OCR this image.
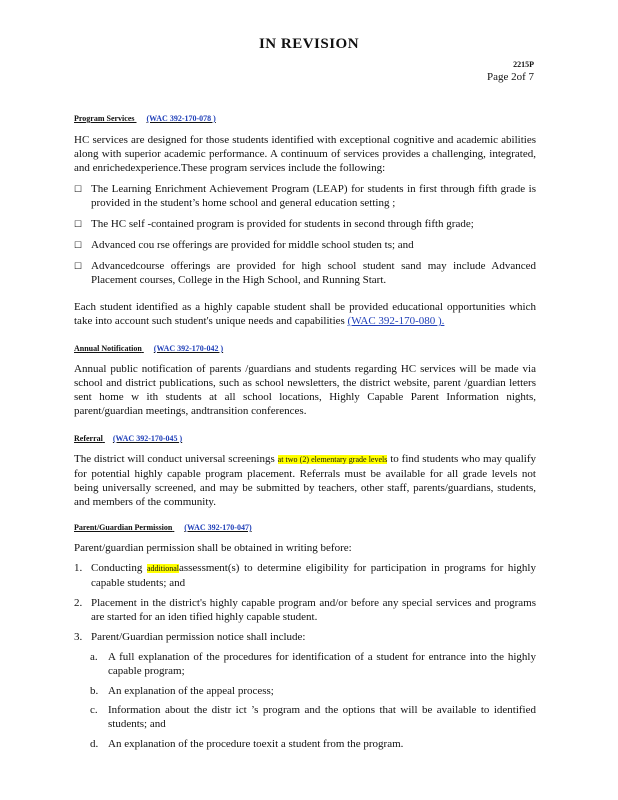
IN REVISION
2215P
Page 2of 7
Program Services (WAC 392-170-078 )
HC services are designed for those students identified with exceptional cognitive and academic abilities along with superior academic performance. A continuum of services provides a challenging, integrated, and enrichedexperience.These program services include the following:
☐ The Learning Enrichment Achievement Program (LEAP) for students in first through fifth grade is provided in the student’s home school and general education setting ;
☐ The HC self -contained program is provided for students in second through fifth grade;
☐ Advanced cou rse offerings are provided for middle school studen ts; and
☐ Advancedcourse offerings are provided for high school student sand may include Advanced Placement courses, College in the High School, and Running Start.
Each student identified as a highly capable student shall be provided educational opportunities which take into account such student's unique needs and capabilities (WAC 392-170-080 ).
Annual Notification (WAC 392-170-042 )
Annual public notification of parents /guardians and students regarding HC services will be made via school and district publications, such as school newsletters, the district website, parent /guardian letters sent home w ith students at all school locations, Highly Capable Parent Information nights, parent/guardian meetings, andtransition conferences.
Referral (WAC 392-170-045 )
The district will conduct universal screenings at two (2) elementary grade levels to find students who may qualify for potential highly capable program placement. Referrals must be available for all grade levels not being universally screened, and may be submitted by teachers, other staff, parents/guardians, students, and members of the community.
Parent/Guardian Permission (WAC 392-170-047)
Parent/guardian permission shall be obtained in writing before:
1. Conducting additionalassessment(s) to determine eligibility for participation in programs for highly capable students; and
2. Placement in the district's highly capable program and/or before any special services and programs are started for an iden tified highly capable student.
3. Parent/Guardian permission notice shall include:
a. A full explanation of the procedures for identification of a student for entrance into the highly capable program;
b. An explanation of the appeal process;
c. Information about the distr ict ’s program and the options that will be available to identified students; and
d. An explanation of the procedure toexit a student from the program.
